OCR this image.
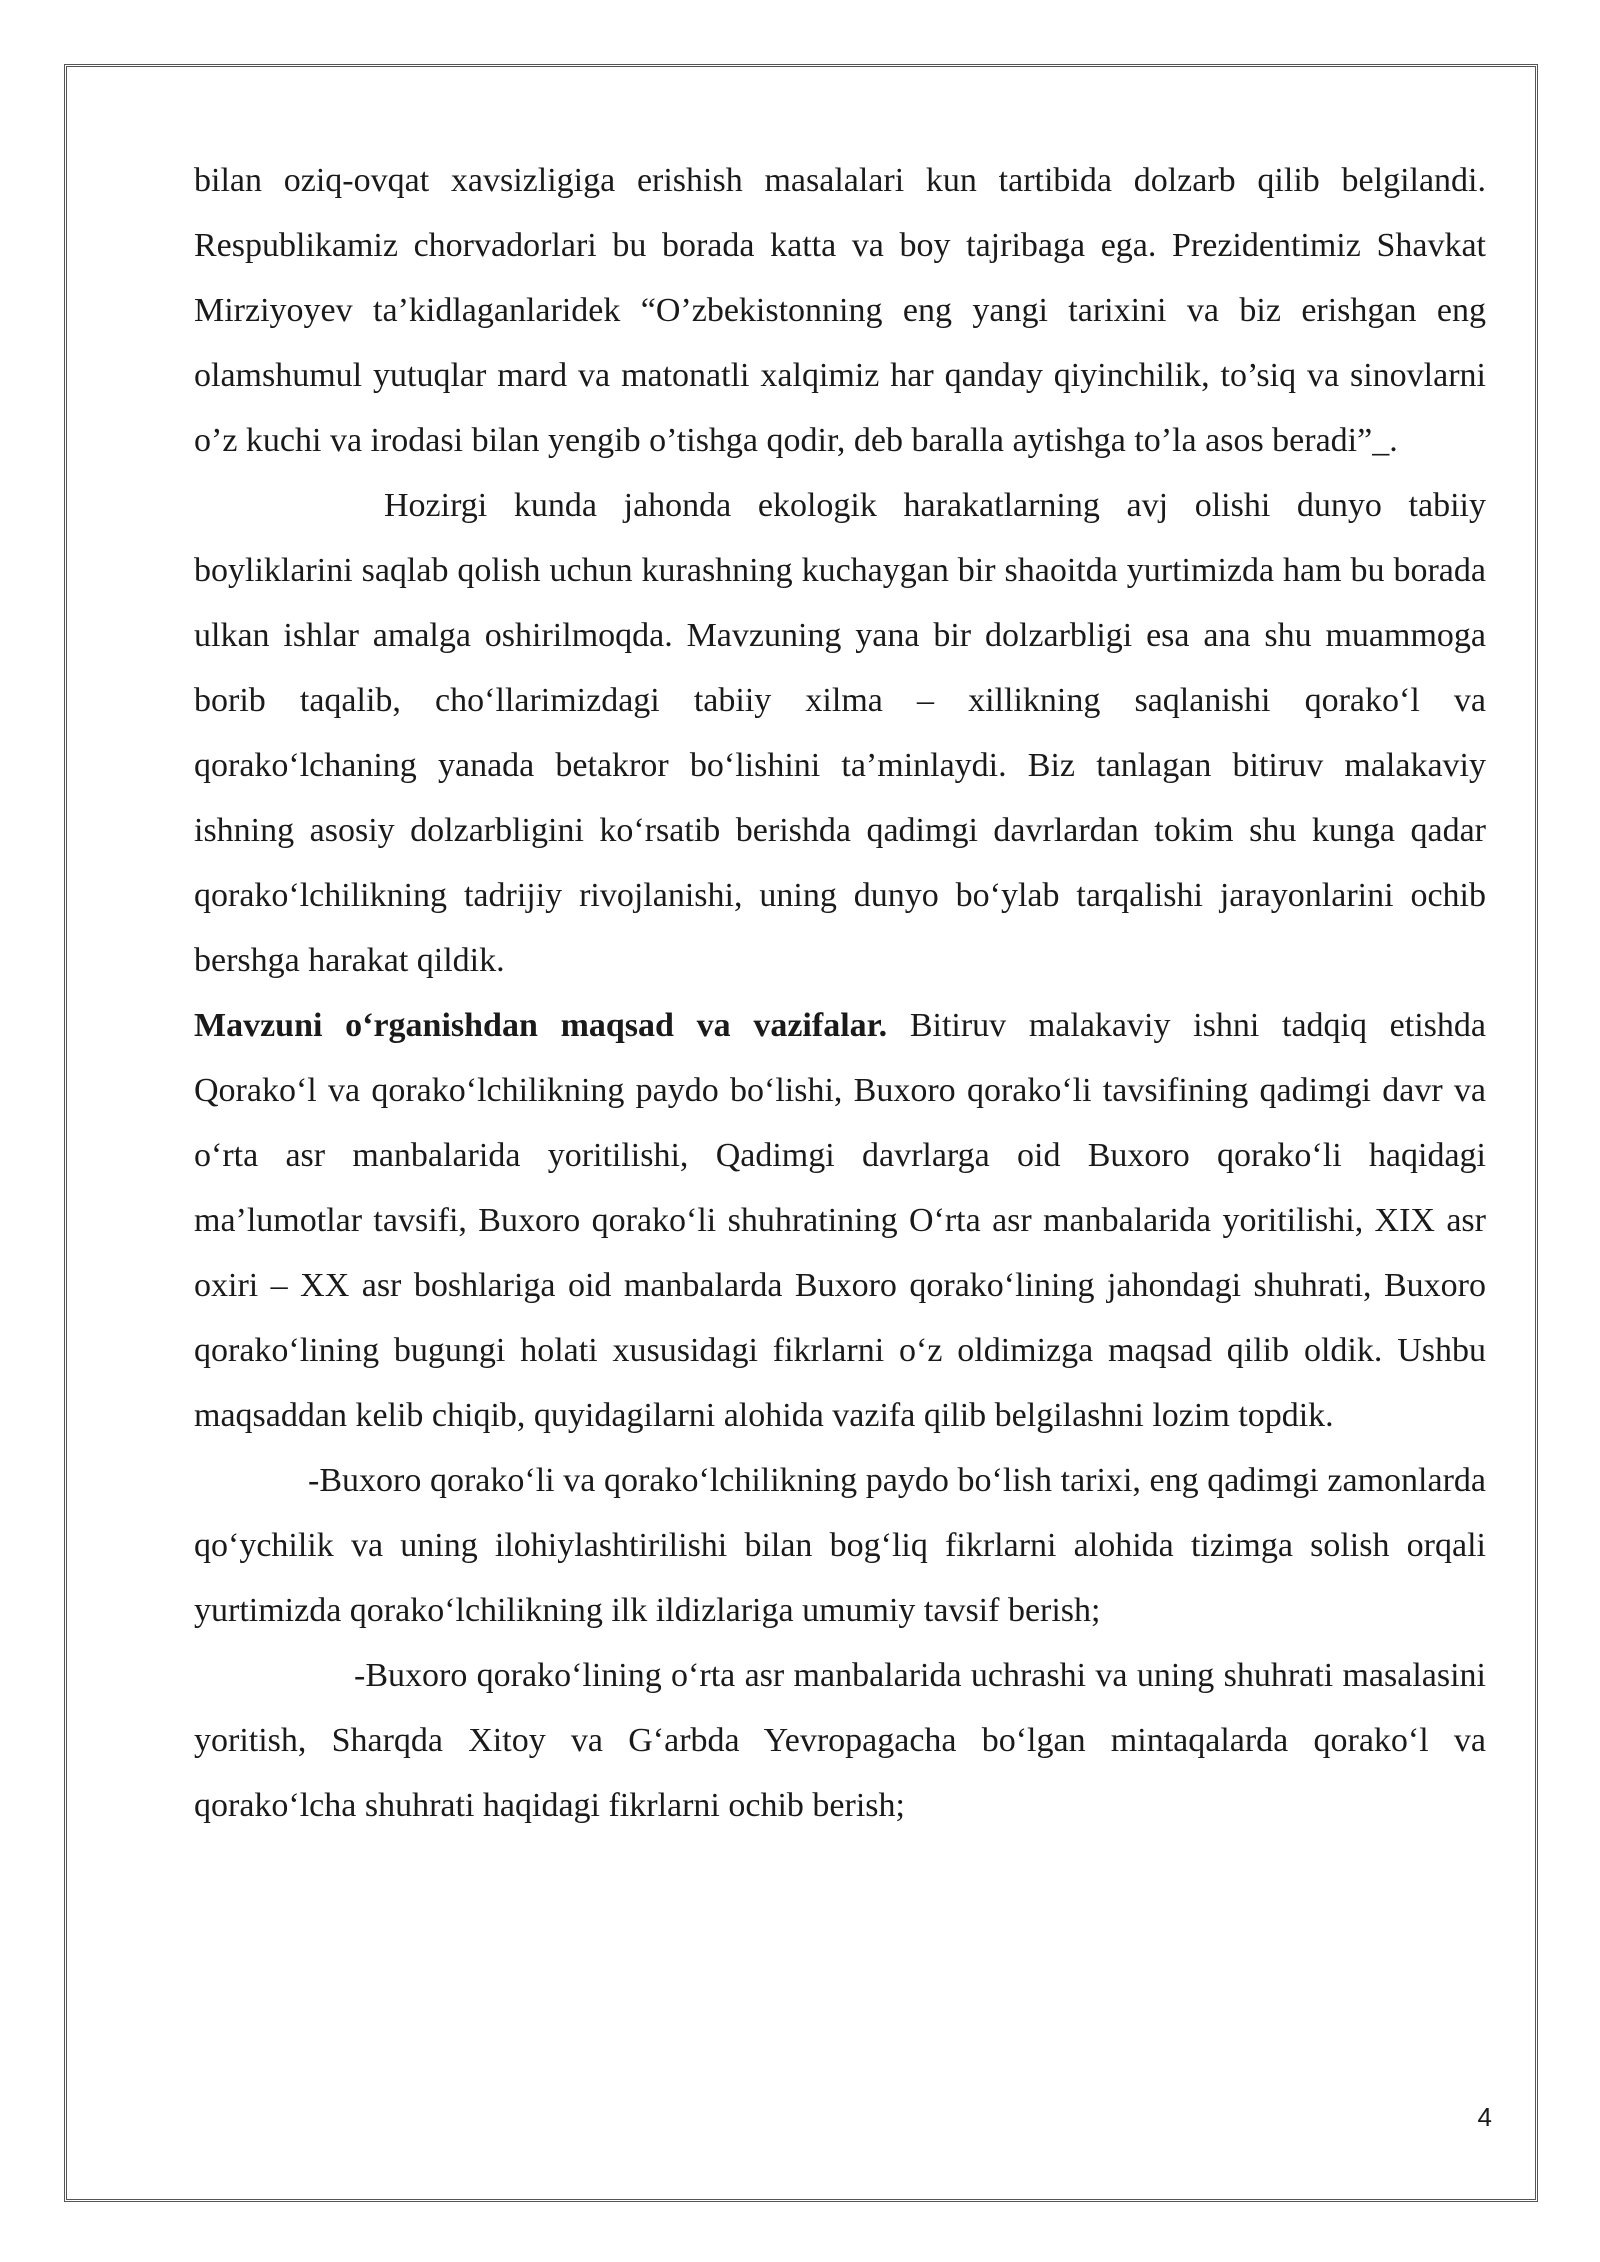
bilan oziq-ovqat xavsizligiga erishish masalalari kun tartibida dolzarb qilib belgilandi. Respublikamiz chorvadorlari bu borada katta va boy tajribaga ega. Prezidentimiz Shavkat Mirziyoyev ta’kidlaganlaridek “O’zbekistonning eng yangi tarixini va biz erishgan eng olamshumul yutuqlar mard va matonatli xalqimiz har qanday qiyinchilik, to’siq va sinovlarni o’z kuchi va irodasi bilan yengib o’tishga qodir, deb baralla aytishga to’la asos beradi”_.

Hozirgi kunda jahonda ekologik harakatlarning avj olishi dunyo tabiiy boyliklarini saqlab qolish uchun kurashning kuchaygan bir shaoitda yurtimizda ham bu borada ulkan ishlar amalga oshirilmoqda. Mavzuning yana bir dolzarbligi esa ana shu muammoga borib taqalib, cho‘llarimizdagi tabiiy xilma – xillikning saqlanishi qorako‘l va qorako‘lchaning yanada betakror bo‘lishini ta’minlaydi. Biz tanlagan bitiruv malakaviy ishning asosiy dolzarbligini ko‘rsatib berishda qadimgi davrlardan tokim shu kunga qadar qorako‘lchilikning tadrijiy rivojlanishi, uning dunyo bo‘ylab tarqalishi jarayonlarini ochib bershga harakat qildik.

Mavzuni o‘rganishdan maqsad va vazifalar. Bitiruv malakaviy ishni tadqiq etishda Qorako‘l va qorako‘lchilikning paydo bo‘lishi, Buxoro qorako‘li tavsifining qadimgi davr va o‘rta asr manbalarida yoritilishi, Qadimgi davrlarga oid Buxoro qorako‘li haqidagi ma’lumotlar tavsifi, Buxoro qorako‘li shuhratining O‘rta asr manbalarida yoritilishi, XIX asr oxiri – XX asr boshlariga oid manbalarda Buxoro qorako‘lining jahondagi shuhrati, Buxoro qorako‘lining bugungi holati xususidagi fikrlarni o‘z oldimizga maqsad qilib oldik. Ushbu maqsaddan kelib chiqib, quyidagilarni alohida vazifa qilib belgilashni lozim topdik.

-Buxoro qorako‘li va qorako‘lchilikning paydo bo‘lish tarixi, eng qadimgi zamonlarda qo‘ychilik va uning ilohiylashtirilishi bilan bog‘liq fikrlarni alohida tizimga solish orqali yurtimizda qorako‘lchilikning ilk ildizlariga umumiy tavsif berish;

-Buxoro qorako‘lining o‘rta asr manbalarida uchrashi va uning shuhrati masalasini yoritish, Sharqda Xitoy va G‘arbda Yevropagacha bo‘lgan mintaqalarda qorako‘l va qorako‘lcha shuhrati haqidagi fikrlarni ochib berish;

4
